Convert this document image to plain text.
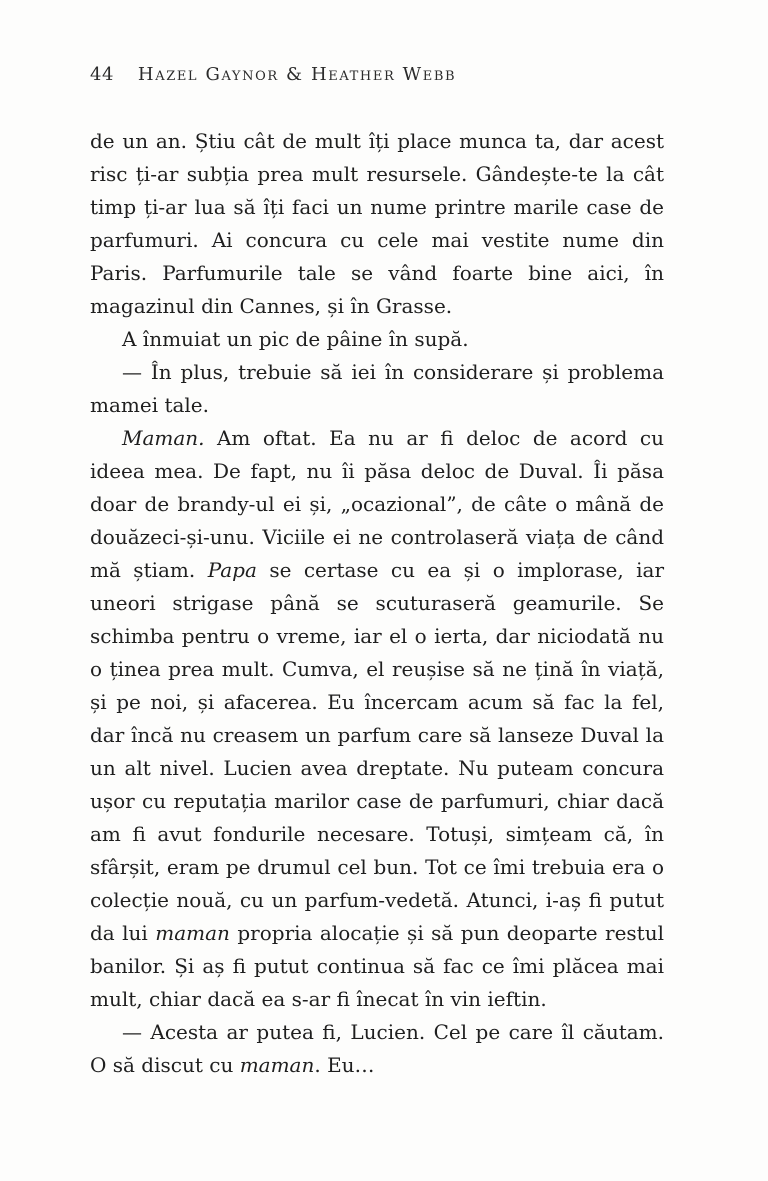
44 Hazel Gaynor & Heather Webb

de un an. Știu cât de mult îți place munca ta, dar acest risc ți-ar subția prea mult resursele. Gândește-te la cât timp ți-ar lua să îți faci un nume printre marile case de parfumuri. Ai concura cu cele mai vestite nume din Paris. Parfumurile tale se vând foarte bine aici, în magazinul din Cannes, și în Grasse.

A înmuiat un pic de pâine în supă.

— În plus, trebuie să iei în considerare și problema mamei tale.

Maman. Am oftat. Ea nu ar fi deloc de acord cu ideea mea. De fapt, nu îi păsa deloc de Duval. Îi păsa doar de brandy-ul ei și, „ocazional”, de câte o mână de douăzeci-și-unu. Viciile ei ne controlaseră viața de când mă știam. Papa se certase cu ea și o implorase, iar uneori strigase până se scuturaseră geamurile. Se schimba pentru o vreme, iar el o ierta, dar niciodată nu o ținea prea mult. Cumva, el reușise să ne țină în viață, și pe noi, și afacerea. Eu încercam acum să fac la fel, dar încă nu creasem un parfum care să lanseze Duval la un alt nivel. Lucien avea dreptate. Nu puteam concura ușor cu reputația marilor case de parfumuri, chiar dacă am fi avut fondurile necesare. Totuși, simțeam că, în sfârșit, eram pe drumul cel bun. Tot ce îmi trebuia era o colecție nouă, cu un parfum-vedetă. Atunci, i-aș fi putut da lui maman propria alocație și să pun deoparte restul banilor. Și aș fi putut continua să fac ce îmi plăcea mai mult, chiar dacă ea s-ar fi înecat în vin ieftin.

— Acesta ar putea fi, Lucien. Cel pe care îl căutam. O să discut cu maman. Eu…
